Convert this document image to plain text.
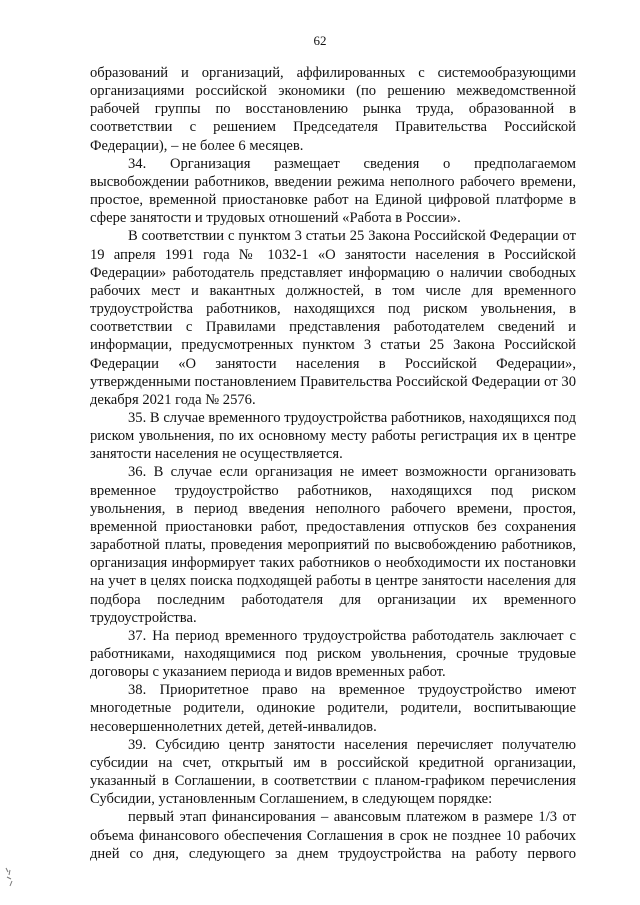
62

образований и организаций, аффилированных с системообразующими организациями российской экономики (по решению межведомственной рабочей группы по восстановлению рынка труда, образованной в соответствии с решением Председателя Правительства Российской Федерации), – не более 6 месяцев.

34. Организация размещает сведения о предполагаемом высвобождении работников, введении режима неполного рабочего времени, простое, временной приостановке работ на Единой цифровой платформе в сфере занятости и трудовых отношений «Работа в России».

В соответствии с пунктом 3 статьи 25 Закона Российской Федерации от 19 апреля 1991 года № 1032-1 «О занятости населения в Российской Федерации» работодатель представляет информацию о наличии свободных рабочих мест и вакантных должностей, в том числе для временного трудоустройства работников, находящихся под риском увольнения, в соответствии с Правилами представления работодателем сведений и информации, предусмотренных пунктом 3 статьи 25 Закона Российской Федерации «О занятости населения в Российской Федерации», утвержденными постановлением Правительства Российской Федерации от 30 декабря 2021 года № 2576.

35. В случае временного трудоустройства работников, находящихся под риском увольнения, по их основному месту работы регистрация их в центре занятости населения не осуществляется.

36. В случае если организация не имеет возможности организовать временное трудоустройство работников, находящихся под риском увольнения, в период введения неполного рабочего времени, простоя, временной приостановки работ, предоставления отпусков без сохранения заработной платы, проведения мероприятий по высвобождению работников, организация информирует таких работников о необходимости их постановки на учет в целях поиска подходящей работы в центре занятости населения для подбора последним работодателя для организации их временного трудоустройства.

37. На период временного трудоустройства работодатель заключает с работниками, находящимися под риском увольнения, срочные трудовые договоры с указанием периода и видов временных работ.

38. Приоритетное право на временное трудоустройство имеют многодетные родители, одинокие родители, родители, воспитывающие несовершеннолетних детей, детей-инвалидов.

39. Субсидию центр занятости населения перечисляет получателю субсидии на счет, открытый им в российской кредитной организации, указанный в Соглашении, в соответствии с планом-графиком перечисления Субсидии, установленным Соглашением, в следующем порядке:

первый этап финансирования – авансовым платежом в размере 1/3 от объема финансового обеспечения Соглашения в срок не позднее 10 рабочих дней со дня, следующего за днем трудоустройства на работу первого
